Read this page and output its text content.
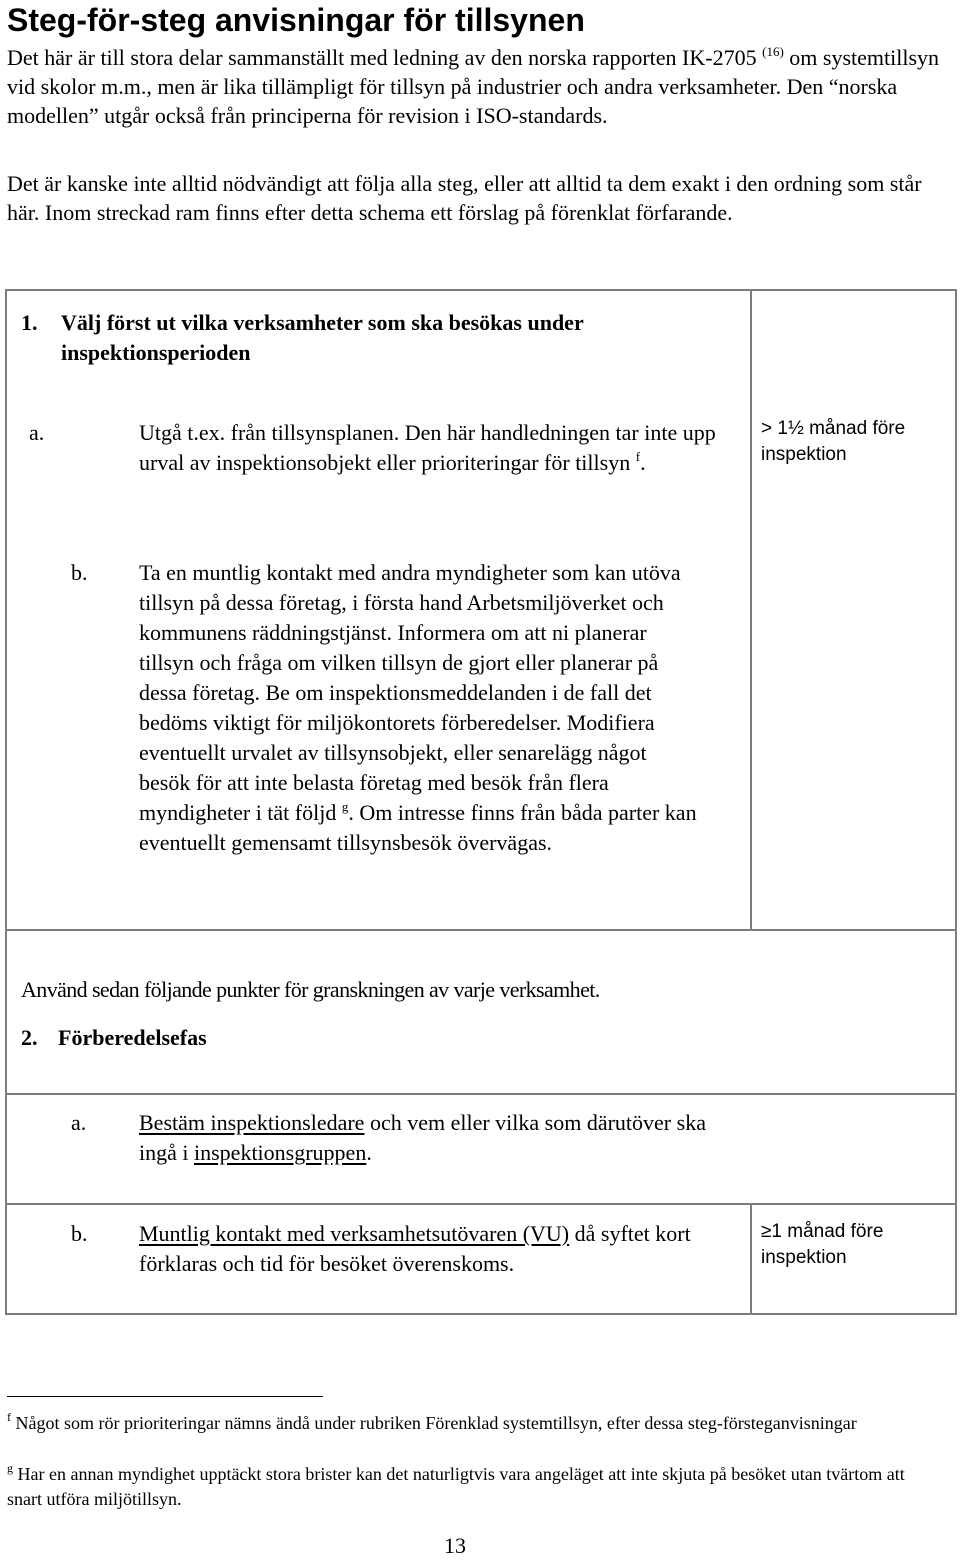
Steg-för-steg anvisningar för tillsynen
Det här är till stora delar sammanställt med ledning av den norska rapporten IK-2705 $^{(16)}$ om systemtillsyn vid skolor m.m., men är lika tillämpligt för tillsyn på industrier och andra verksamheter. Den “norska modellen” utgår också från principerna för revision i ISO-standards.
Det är kanske inte alltid nödvändigt att följa alla steg, eller att alltid ta dem exakt i den ordning som står här. Inom streckad ram finns efter detta schema ett förslag på förenklat förfarande.
1. Välj först ut vilka verksamheter som ska besökas under inspektionsperioden	

a. Utgå t.ex. från tillsynsplanen. Den här handledningen tar inte upp urval av inspektionsobjekt eller prioriteringar för tillsyn $^f$.	> 1½ månad före inspektion

b. Ta en muntlig kontakt med andra myndigheter som kan utöva tillsyn på dessa företag, i första hand Arbetsmiljöverket och kommunens räddningstjänst. Informera om att ni planerar tillsyn och fråga om vilken tillsyn de gjort eller planerar på dessa företag. Be om inspektionsmeddelanden i de fall det bedöms viktigt för miljökontorets förberedelser. Modifiera eventuellt urvalet av tillsynsobjekt, eller senarelägg något besök för att inte belasta företag med besök från flera myndigheter i tät följd $^g$. Om intresse finns från båda parter kan eventuellt gemensamt tillsynsbesök övervägas.	

Använd sedan följande punkter för granskningen av varje verksamhet.
2. Förberedelsefas	

a. Bestäm inspektionsledare och vem eller vilka som därutöver ska ingå i inspektionsgruppen.	

b. Muntlig kontakt med verksamhetsutövaren (VU) då syftet kort förklaras och tid för besöket överenskoms.	≥1 månad före inspektion
$^f$ Något som rör prioriteringar nämns ändå under rubriken Förenklad systemtillsyn, efter dessa steg-försteganvisningar
$^g$ Har en annan myndighet upptäckt stora brister kan det naturligtvis vara angeläget att inte skjuta på besöket utan tvärtom att snart utföra miljötillsyn.
13
